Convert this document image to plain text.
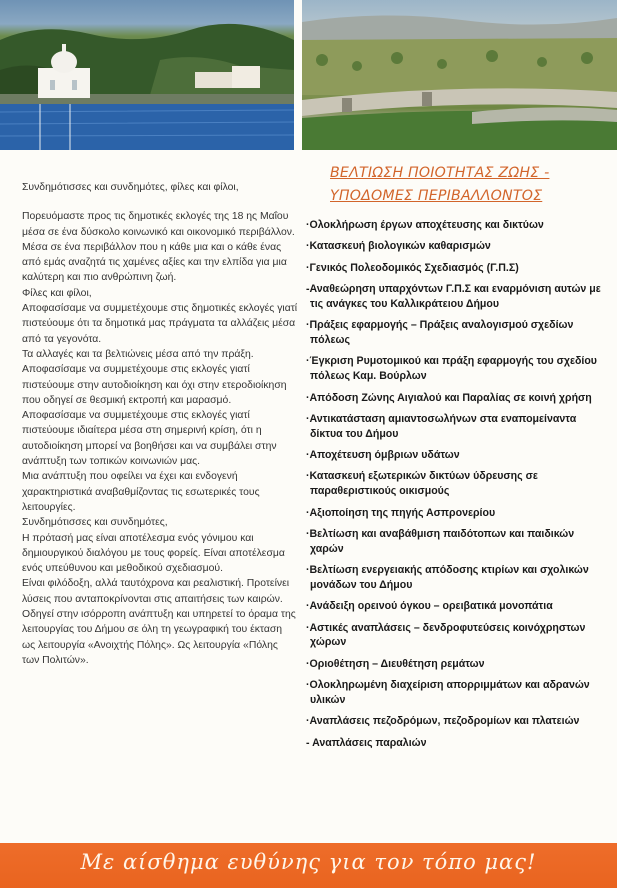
Συνδημότισσες και συνδημότες, φίλες και φίλοι,

Πορευόμαστε προς τις δημοτικές εκλογές της 18 ης Μαΐου μέσα σε ένα δύσκολο κοινωνικό και οικονομικό περιβάλλον.

Μέσα σε ένα περιβάλλον που η κάθε μια και ο κάθε ένας από εμάς αναζητά τις χαμένες αξίες και την ελπίδα για μια καλύτερη και πιο ανθρώπινη ζωή.

Φίλες και φίλοι,

Αποφασίσαμε να συμμετέχουμε στις δημοτικές εκλογές γιατί πιστεύουμε ότι τα δημοτικά μας πράγματα τα αλλάζεις μέσα από τα γεγονότα.

Τα αλλαγές και τα βελτιώνεις μέσα από την πράξη.

Αποφασίσαμε να συμμετέχουμε στις εκλογές γιατί πιστεύουμε στην αυτοδιοίκηση και όχι στην ετεροδιοίκηση που οδηγεί σε θεσμική εκτροπή και μαρασμό.

Αποφασίσαμε να συμμετέχουμε στις εκλογές γιατί πιστεύουμε ιδιαίτερα μέσα στη σημερινή κρίση, ότι η αυτοδιοίκηση μπορεί να βοηθήσει και να συμβάλει στην ανάπτυξη των τοπικών κοινωνιών μας.

Μια ανάπτυξη που οφείλει να έχει και ενδογενή χαρακτηριστικά αναβαθμίζοντας τις εσωτερικές τους λειτουργίες.

Συνδημότισσες και συνδημότες,

Η πρότασή μας είναι αποτέλεσμα ενός γόνιμου και δημιουργικού διαλόγου με τους φορείς. Είναι αποτέλεσμα ενός υπεύθυνου και μεθοδικού σχεδιασμού.

Είναι φιλόδοξη, αλλά ταυτόχρονα και ρεαλιστική. Προτείνει λύσεις που ανταποκρίνονται στις απαιτήσεις των καιρών. Οδηγεί στην ισόρροπη ανάπτυξη και υπηρετεί το όραμα της λειτουργίας του Δήμου σε όλη τη γεωγραφική του έκταση ως λειτουργία «Ανοιχτής Πόλης». Ως λειτουργία «Πόλης των Πολιτών».

ΒΕΛΤΙΩΣΗ ΠΟΙΟΤΗΤΑΣ ΖΩΗΣ -
ΥΠΟΔΟΜΕΣ ΠΕΡΙΒΑΛΛΟΝΤΟΣ
·Ολοκλήρωση έργων αποχέτευσης και δικτύων
·Κατασκευή βιολογικών καθαρισμών
·Γενικός Πολεοδομικός Σχεδιασμός (Γ.Π.Σ)
-Αναθεώρηση υπαρχόντων Γ.Π.Σ και εναρμόνιση αυτών με τις ανάγκες του Καλλικράτειου Δήμου
·Πράξεις εφαρμογής – Πράξεις αναλογισμού σχεδίων πόλεως
·Έγκριση Ρυμοτομικού και πράξη εφαρμογής του σχεδίου πόλεως Καμ. Βούρλων
·Απόδοση Ζώνης Αιγιαλού και Παραλίας σε κοινή χρήση
·Αντικατάσταση αμιαντοσωλήνων στα εναπομείναντα δίκτυα του Δήμου
·Αποχέτευση όμβριων υδάτων
·Κατασκευή εξωτερικών δικτύων ύδρευσης σε παραθεριστικούς οικισμούς
·Αξιοποίηση της πηγής Ασπρονερίου
·Βελτίωση και αναβάθμιση παιδότοπων και παιδικών χαρών
·Βελτίωση ενεργειακής απόδοσης κτιρίων και σχολικών μονάδων του Δήμου
·Ανάδειξη ορεινού όγκου – ορειβατικά μονοπάτια
·Αστικές αναπλάσεις – δενδροφυτεύσεις κοινόχρηστων χώρων
·Οριοθέτηση – Διευθέτηση ρεμάτων
·Ολοκληρωμένη διαχείριση απορριμμάτων και αδρανών υλικών
·Αναπλάσεις πεζοδρόμων, πεζοδρομίων και πλατειών
- Αναπλάσεις παραλιών
Με αίσθημα ευθύνης για τον τόπο μας!
